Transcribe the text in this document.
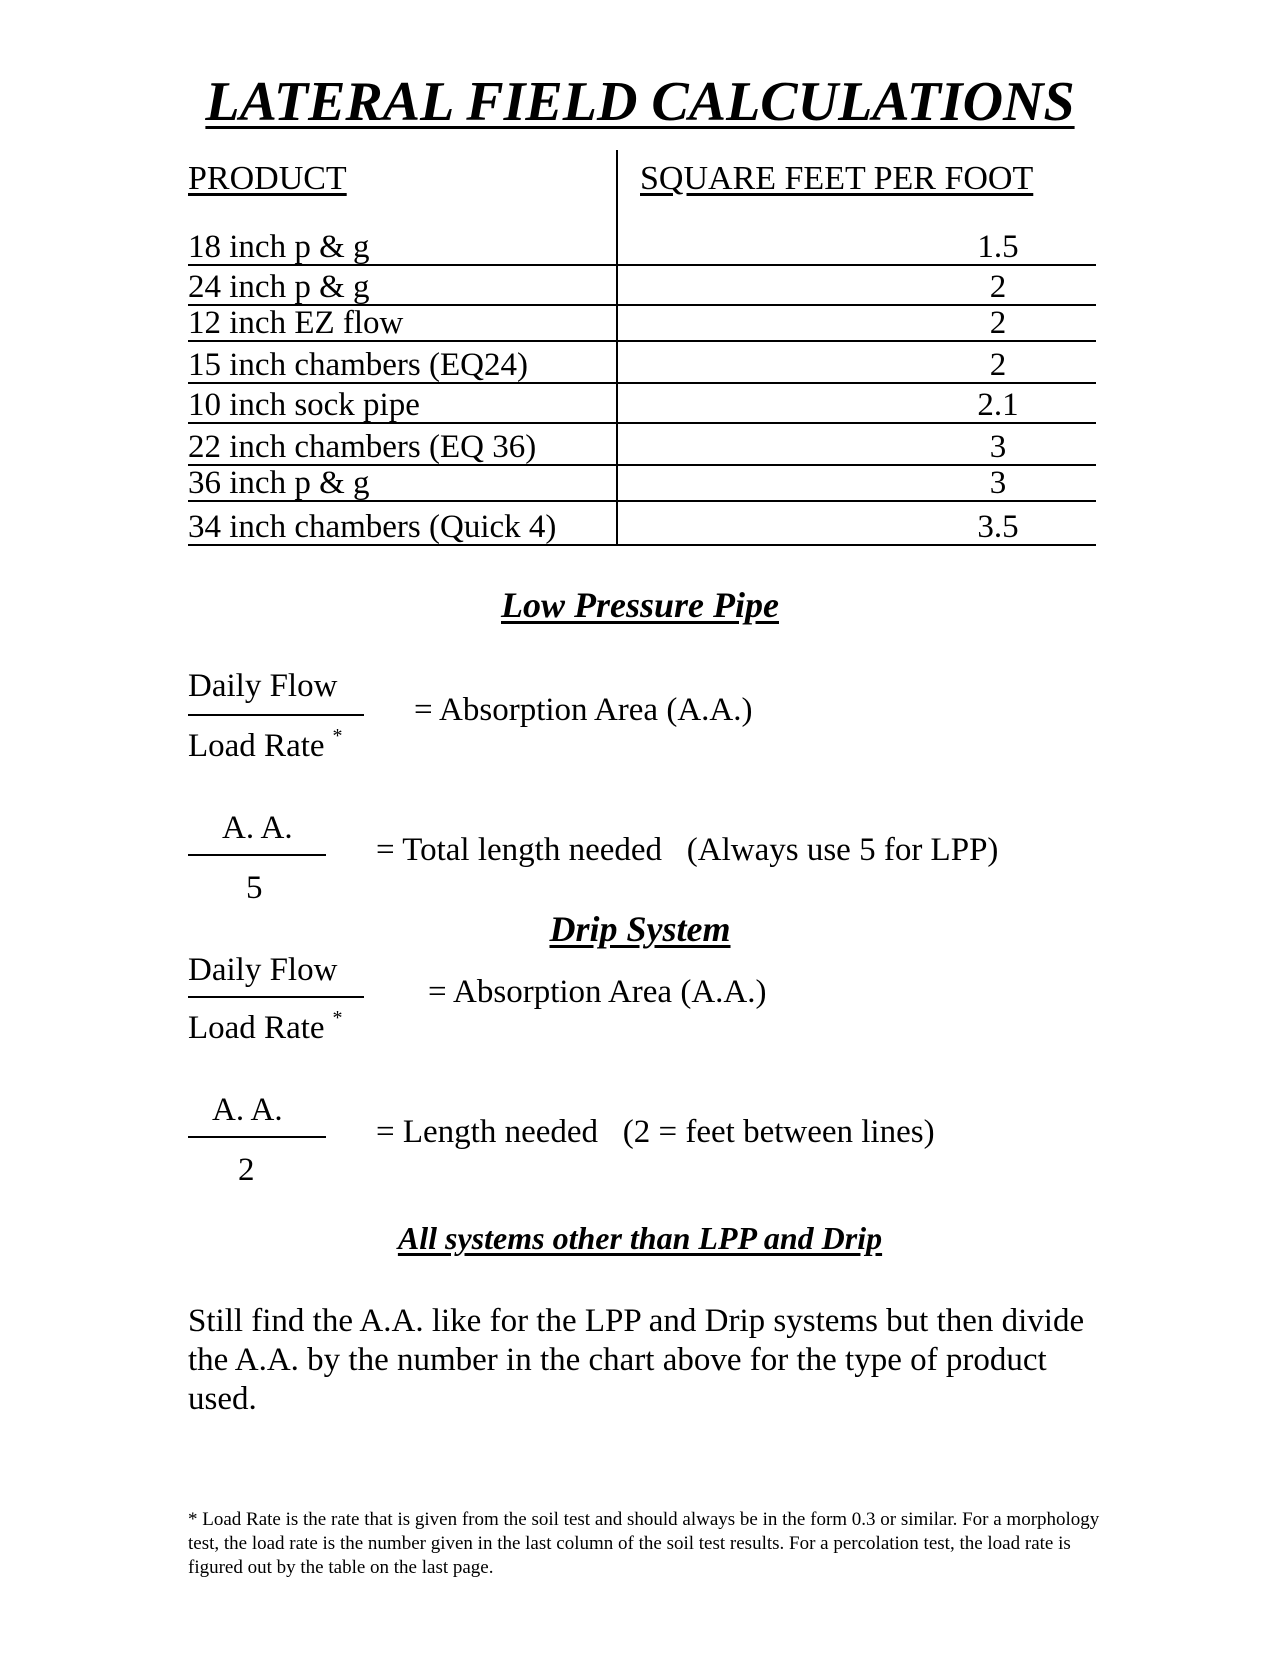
LATERAL FIELD CALCULATIONS
PRODUCT	SQUARE FEET PER FOOT
18 inch p & g	1.5
24 inch p & g	2
12 inch EZ flow	2
15 inch chambers (EQ24)	2
10 inch sock pipe	2.1
22 inch chambers (EQ 36)	3
36 inch p & g	3
34 inch chambers (Quick 4)	3.5
Low Pressure Pipe
Daily Flow
Load Rate *
= Absorption Area (A.A.)
A. A.
5
= Total length needed   (Always use 5 for LPP)
Drip System
Daily Flow
Load Rate *
= Absorption Area (A.A.)
A. A.
2
= Length needed   (2 = feet between lines)
All systems other than LPP and Drip
Still find the A.A. like for the LPP and Drip systems but then divide the A.A. by the number in the chart above for the type of product used.
* Load Rate is the rate that is given from the soil test and should always be in the form 0.3 or similar. For a morphology test, the load rate is the number given in the last column of the soil test results. For a percolation test, the load rate is figured out by the table on the last page.
